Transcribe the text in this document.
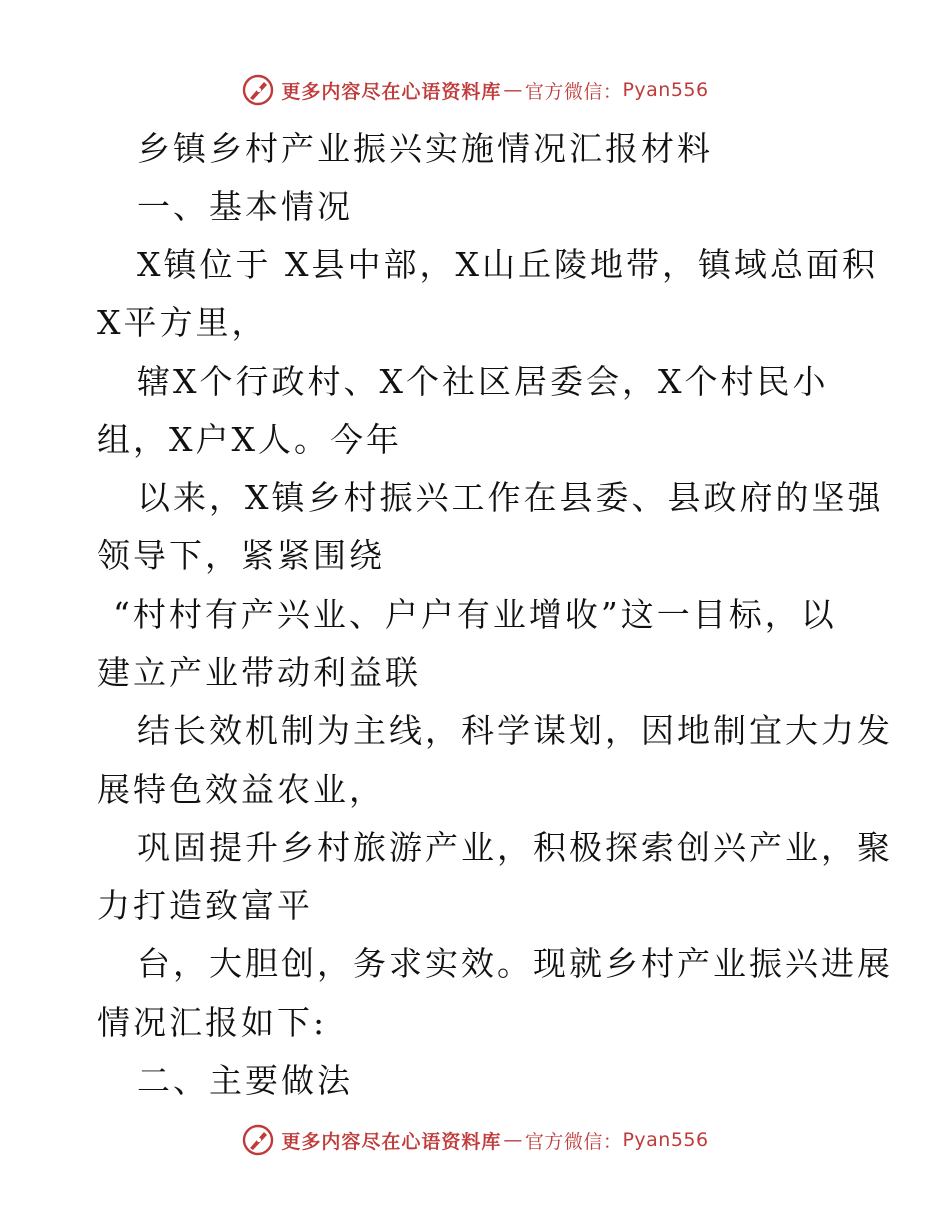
更多内容尽在心语资料库 — 官方微信： Pyan556
乡镇乡村产业振兴实施情况汇报材料
一、基本情况
X镇位于 X县中部，X山丘陵地带，镇域总面积
X平方里，
辖X个行政村、X个社区居委会，X个村民小
组，X户X人。今年
以来，X镇乡村振兴工作在县委、县政府的坚强
领导下，紧紧围绕
“村村有产兴业、户户有业增收”这一目标，以
建立产业带动利益联
结长效机制为主线，科学谋划，因地制宜大力发
展特色效益农业，
巩固提升乡村旅游产业，积极探索创兴产业，聚
力打造致富平
台，大胆创，务求实效。现就乡村产业振兴进展
情况汇报如下:
二、主要做法
更多内容尽在心语资料库 — 官方微信： Pyan556
